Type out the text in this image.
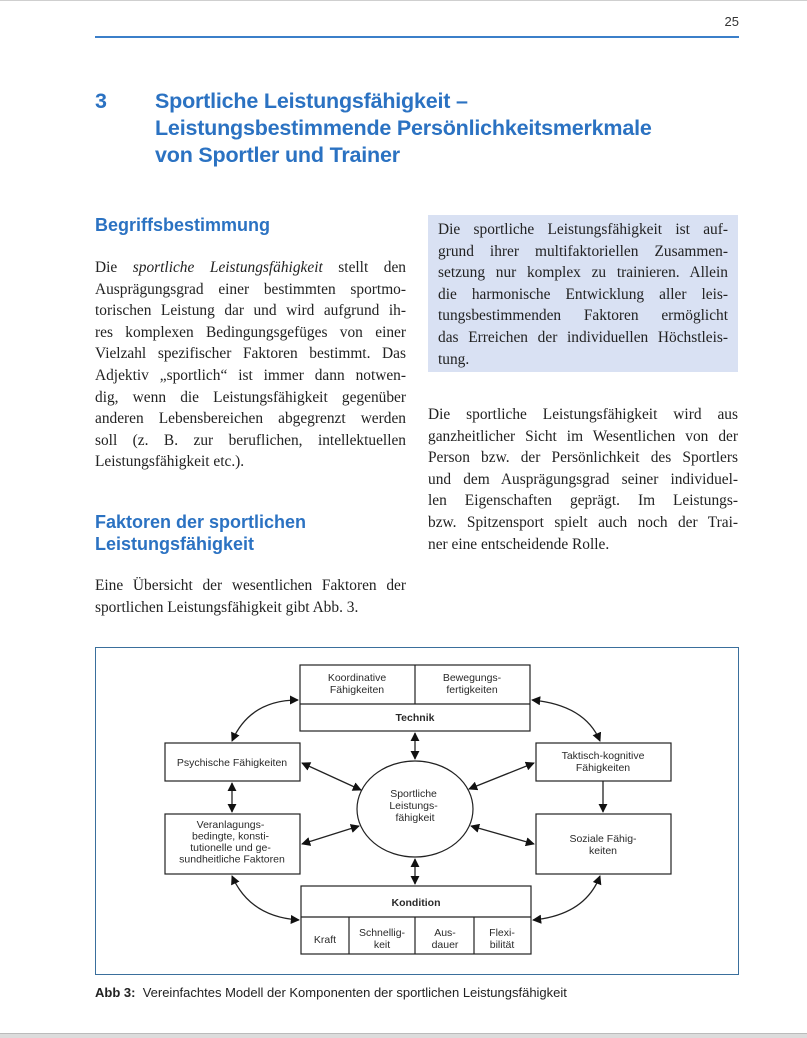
25
3 Sportliche Leistungsfähigkeit –
Leistungsbestimmende Persönlichkeitsmerkmale
von Sportler und Trainer
Begriffsbestimmung
Die sportliche Leistungsfähigkeit stellt den
Ausprägungsgrad einer bestimmten sportmo-
torischen Leistung dar und wird aufgrund ih-
res komplexen Bedingungsgefüges von einer
Vielzahl spezifischer Faktoren bestimmt. Das
Adjektiv „sportlich“ ist immer dann notwen-
dig, wenn die Leistungsfähigkeit gegenüber
anderen Lebensbereichen abgegrenzt werden
soll (z. B. zur beruflichen, intellektuellen
Leistungsfähigkeit etc.).
Die sportliche Leistungsfähigkeit ist auf-
grund ihrer multifaktoriellen Zusammen-
setzung nur komplex zu trainieren. Allein
die harmonische Entwicklung aller leis-
tungsbestimmenden Faktoren ermöglicht
das Erreichen der individuellen Höchstleis-
tung.
Die sportliche Leistungsfähigkeit wird aus
ganzheitlicher Sicht im Wesentlichen von der
Person bzw. der Persönlichkeit des Sportlers
und dem Ausprägungsgrad seiner individuel-
len Eigenschaften geprägt. Im Leistungs-
bzw. Spitzensport spielt auch noch der Trai-
ner eine entscheidende Rolle.
Faktoren der sportlichen
Leistungsfähigkeit
Eine Übersicht der wesentlichen Faktoren der
sportlichen Leistungsfähigkeit gibt Abb. 3.
Koordinative Fähigkeiten
Bewegungs-fertigkeiten
Technik
Psychische Fähigkeiten
Veranlagungs- bedingte, konsti- tutionelle und ge- sundheitliche Faktoren
Taktisch-kognitive Fähigkeiten
Soziale Fähig-keiten
Sportliche Leistungs- fähigkeit
Kondition
Kraft
Schnellig-keit
Aus-dauer
Flexi-bilität
Abb 3: Vereinfachtes Modell der Komponenten der sportlichen Leistungsfähigkeit
